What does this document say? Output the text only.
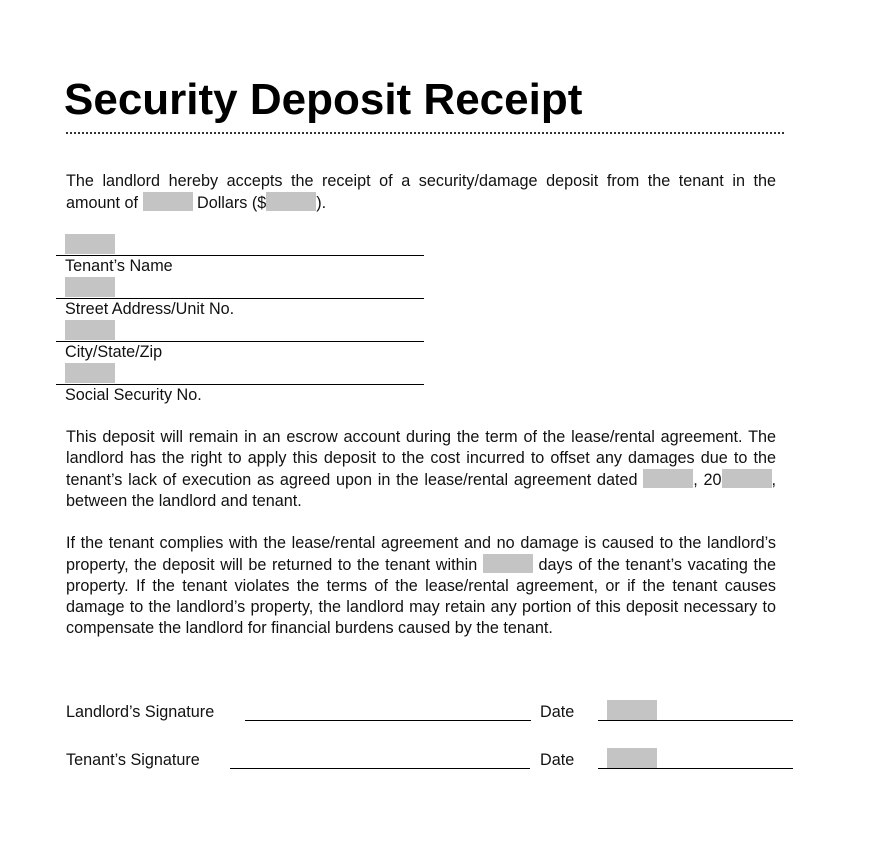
Security Deposit Receipt

The landlord hereby accepts the receipt of a security/damage deposit from the tenant in the amount of	Dollars ($	).

Tenant’s Name
Street Address/Unit No.
City/State/Zip
Social Security No.

This deposit will remain in an escrow account during the term of the lease/rental agreement. The landlord has the right to apply this deposit to the cost incurred to offset any damages due to the tenant’s lack of execution as agreed upon in the lease/rental agreement dated	, 20	, between the landlord and tenant.

If the tenant complies with the lease/rental agreement and no damage is caused to the landlord’s property, the deposit will be returned to the tenant within	days of the tenant’s vacating the property. If the tenant violates the terms of the lease/rental agreement, or if the tenant causes damage to the landlord’s property, the landlord may retain any portion of this deposit necessary to compensate the landlord for financial burdens caused by the tenant.

Landlord’s Signature	Date
Tenant’s Signature	Date
